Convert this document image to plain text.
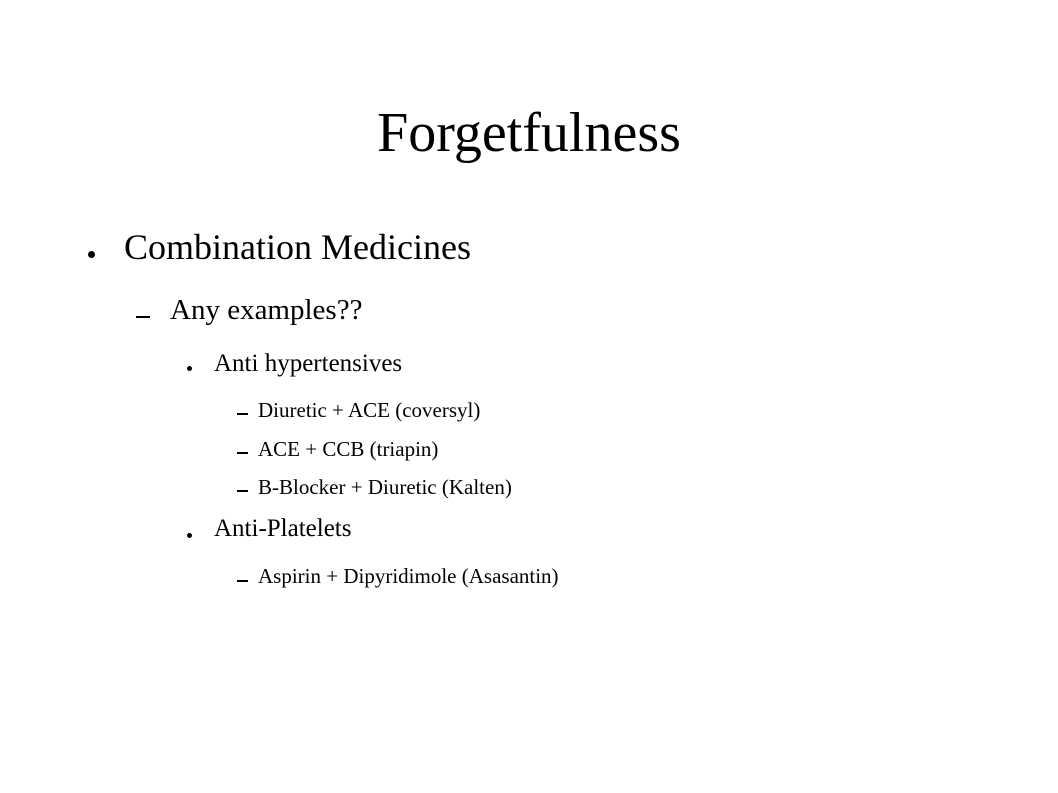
Forgetfulness
Combination Medicines
Any examples??
Anti hypertensives
Diuretic + ACE (coversyl)
ACE + CCB (triapin)
B-Blocker + Diuretic (Kalten)
Anti-Platelets
Aspirin + Dipyridimole (Asasantin)
